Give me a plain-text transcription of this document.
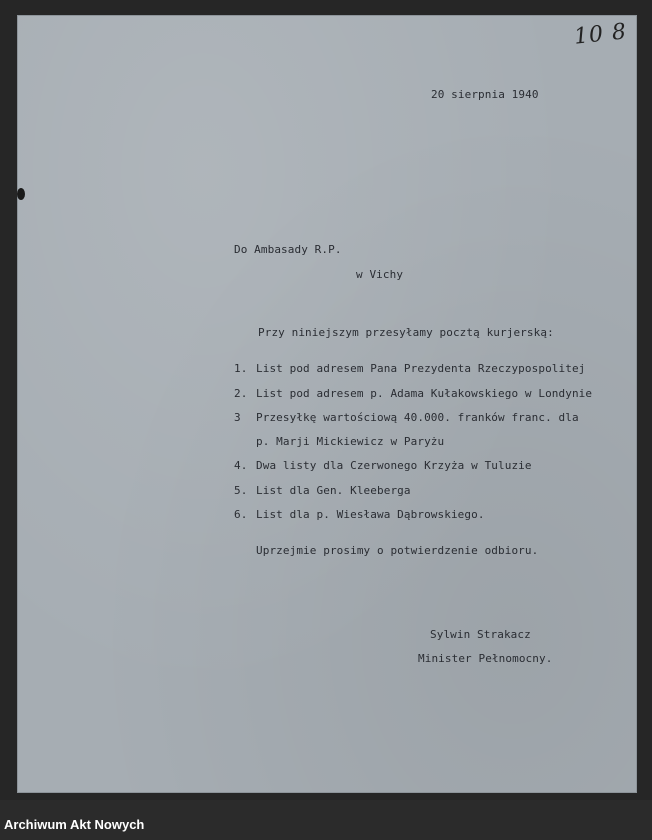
10 8
20 sierpnia 1940
Do Ambasady R.P.
w Vichy
Przy niniejszym przesyłamy pocztą kurjerską:
1. List pod adresem Pana Prezydenta Rzeczypospolitej
2. List pod adresem p. Adama Kułakowskiego w Londynie
3 Przesyłkę wartościową 40.000. franków franc. dla
p. Marji Mickiewicz w Paryżu
4. Dwa listy dla Czerwonego Krzyża w Tuluzie
5. List dla Gen. Kleeberga
6. List dla p. Wiesława Dąbrowskiego.
Uprzejmie prosimy o potwierdzenie odbioru.
Sylwin Strakacz
Minister Pełnomocny.
Archiwum Akt Nowych
